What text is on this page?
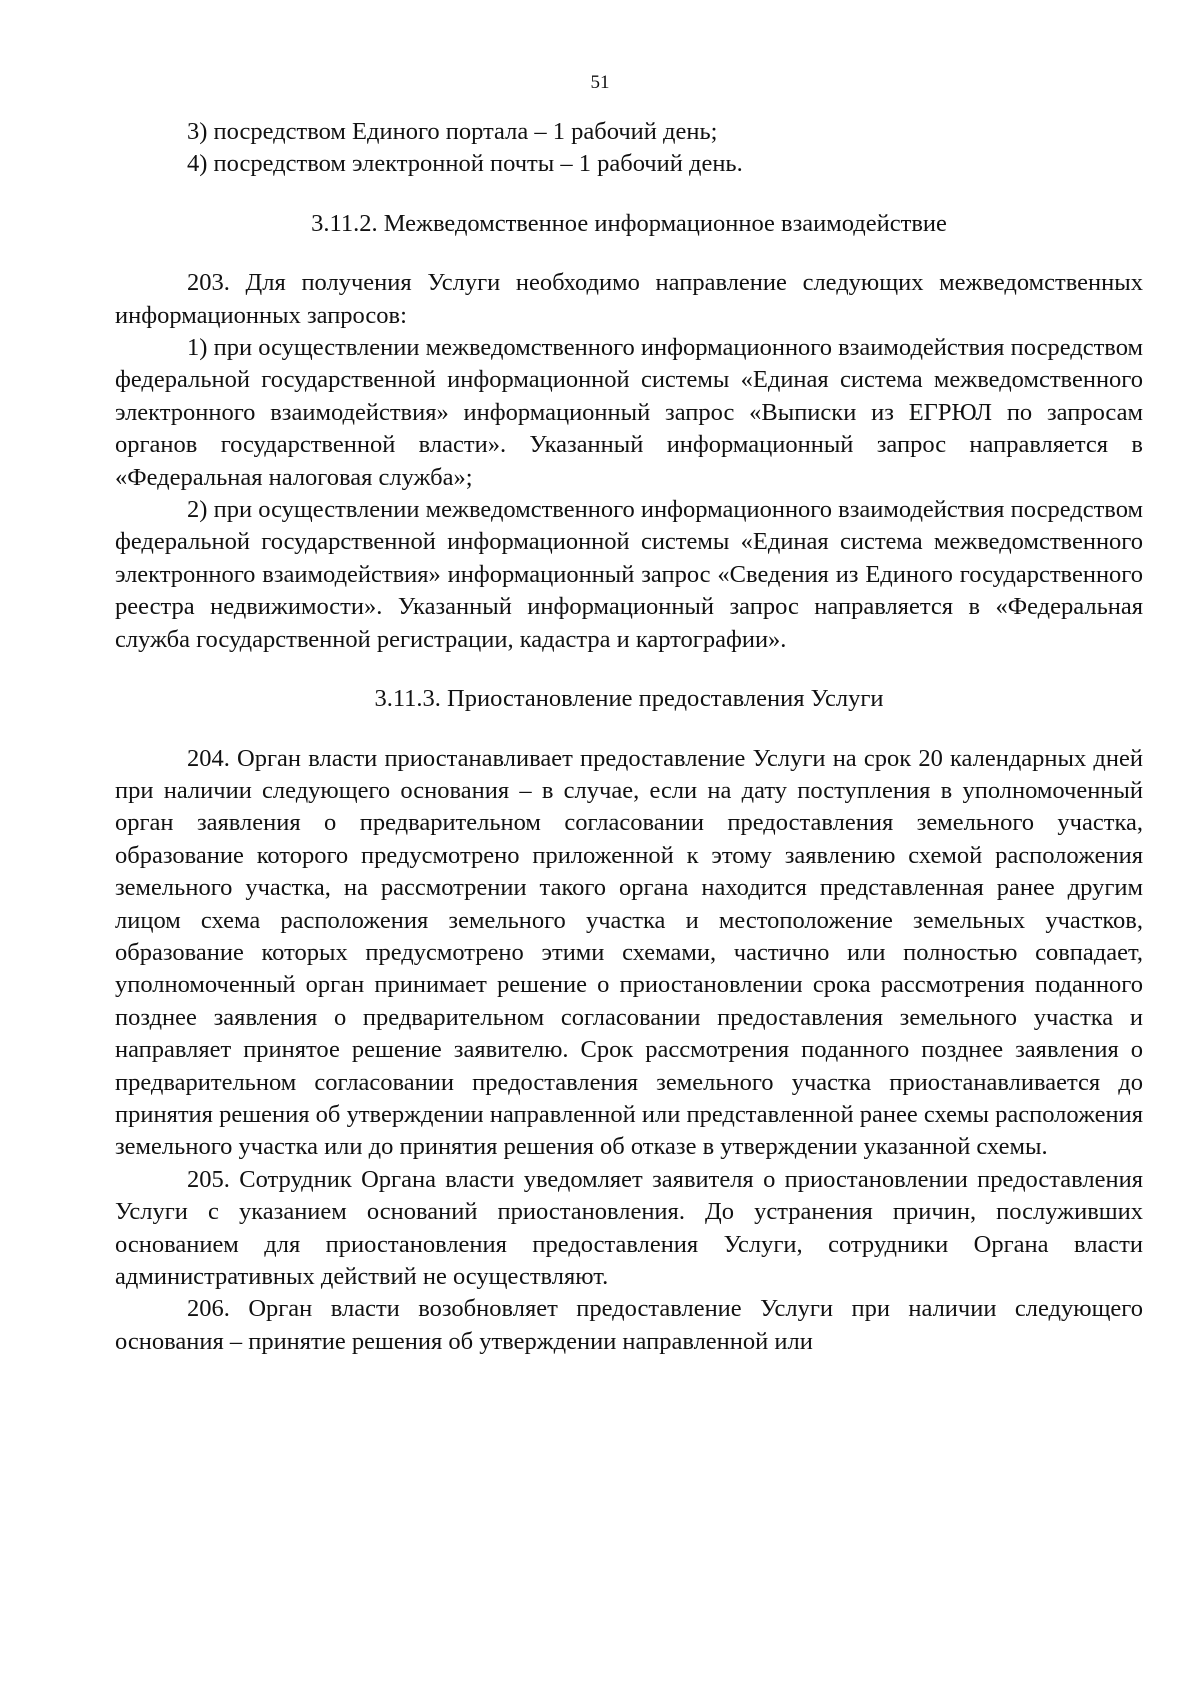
51

3) посредством Единого портала – 1 рабочий день;

4) посредством электронной почты – 1 рабочий день.

3.11.2. Межведомственное информационное взаимодействие

203. Для получения Услуги необходимо направление следующих межведомственных информационных запросов:

1) при осуществлении межведомственного информационного взаимодействия посредством федеральной государственной информационной системы «Единая система межведомственного электронного взаимодействия» информационный запрос «Выписки из ЕГРЮЛ по запросам органов государственной власти». Указанный информационный запрос направляется в «Федеральная налоговая служба»;

2) при осуществлении межведомственного информационного взаимодействия посредством федеральной государственной информационной системы «Единая система межведомственного электронного взаимодействия» информационный запрос «Сведения из Единого государственного реестра недвижимости». Указанный информационный запрос направляется в «Федеральная служба государственной регистрации, кадастра и картографии».

3.11.3. Приостановление предоставления Услуги

204. Орган власти приостанавливает предоставление Услуги на срок 20 календарных дней при наличии следующего основания – в случае, если на дату поступления в уполномоченный орган заявления о предварительном согласовании предоставления земельного участка, образование которого предусмотрено приложенной к этому заявлению схемой расположения земельного участка, на рассмотрении такого органа находится представленная ранее другим лицом схема расположения земельного участка и местоположение земельных участков, образование которых предусмотрено этими схемами, частично или полностью совпадает, уполномоченный орган принимает решение о приостановлении срока рассмотрения поданного позднее заявления о предварительном согласовании предоставления земельного участка и направляет принятое решение заявителю. Срок рассмотрения поданного позднее заявления о предварительном согласовании предоставления земельного участка приостанавливается до принятия решения об утверждении направленной или представленной ранее схемы расположения земельного участка или до принятия решения об отказе в утверждении указанной схемы.

205. Сотрудник Органа власти уведомляет заявителя о приостановлении предоставления Услуги с указанием оснований приостановления. До устранения причин, послуживших основанием для приостановления предоставления Услуги, сотрудники Органа власти административных действий не осуществляют.

206. Орган власти возобновляет предоставление Услуги при наличии следующего основания – принятие решения об утверждении направленной или
